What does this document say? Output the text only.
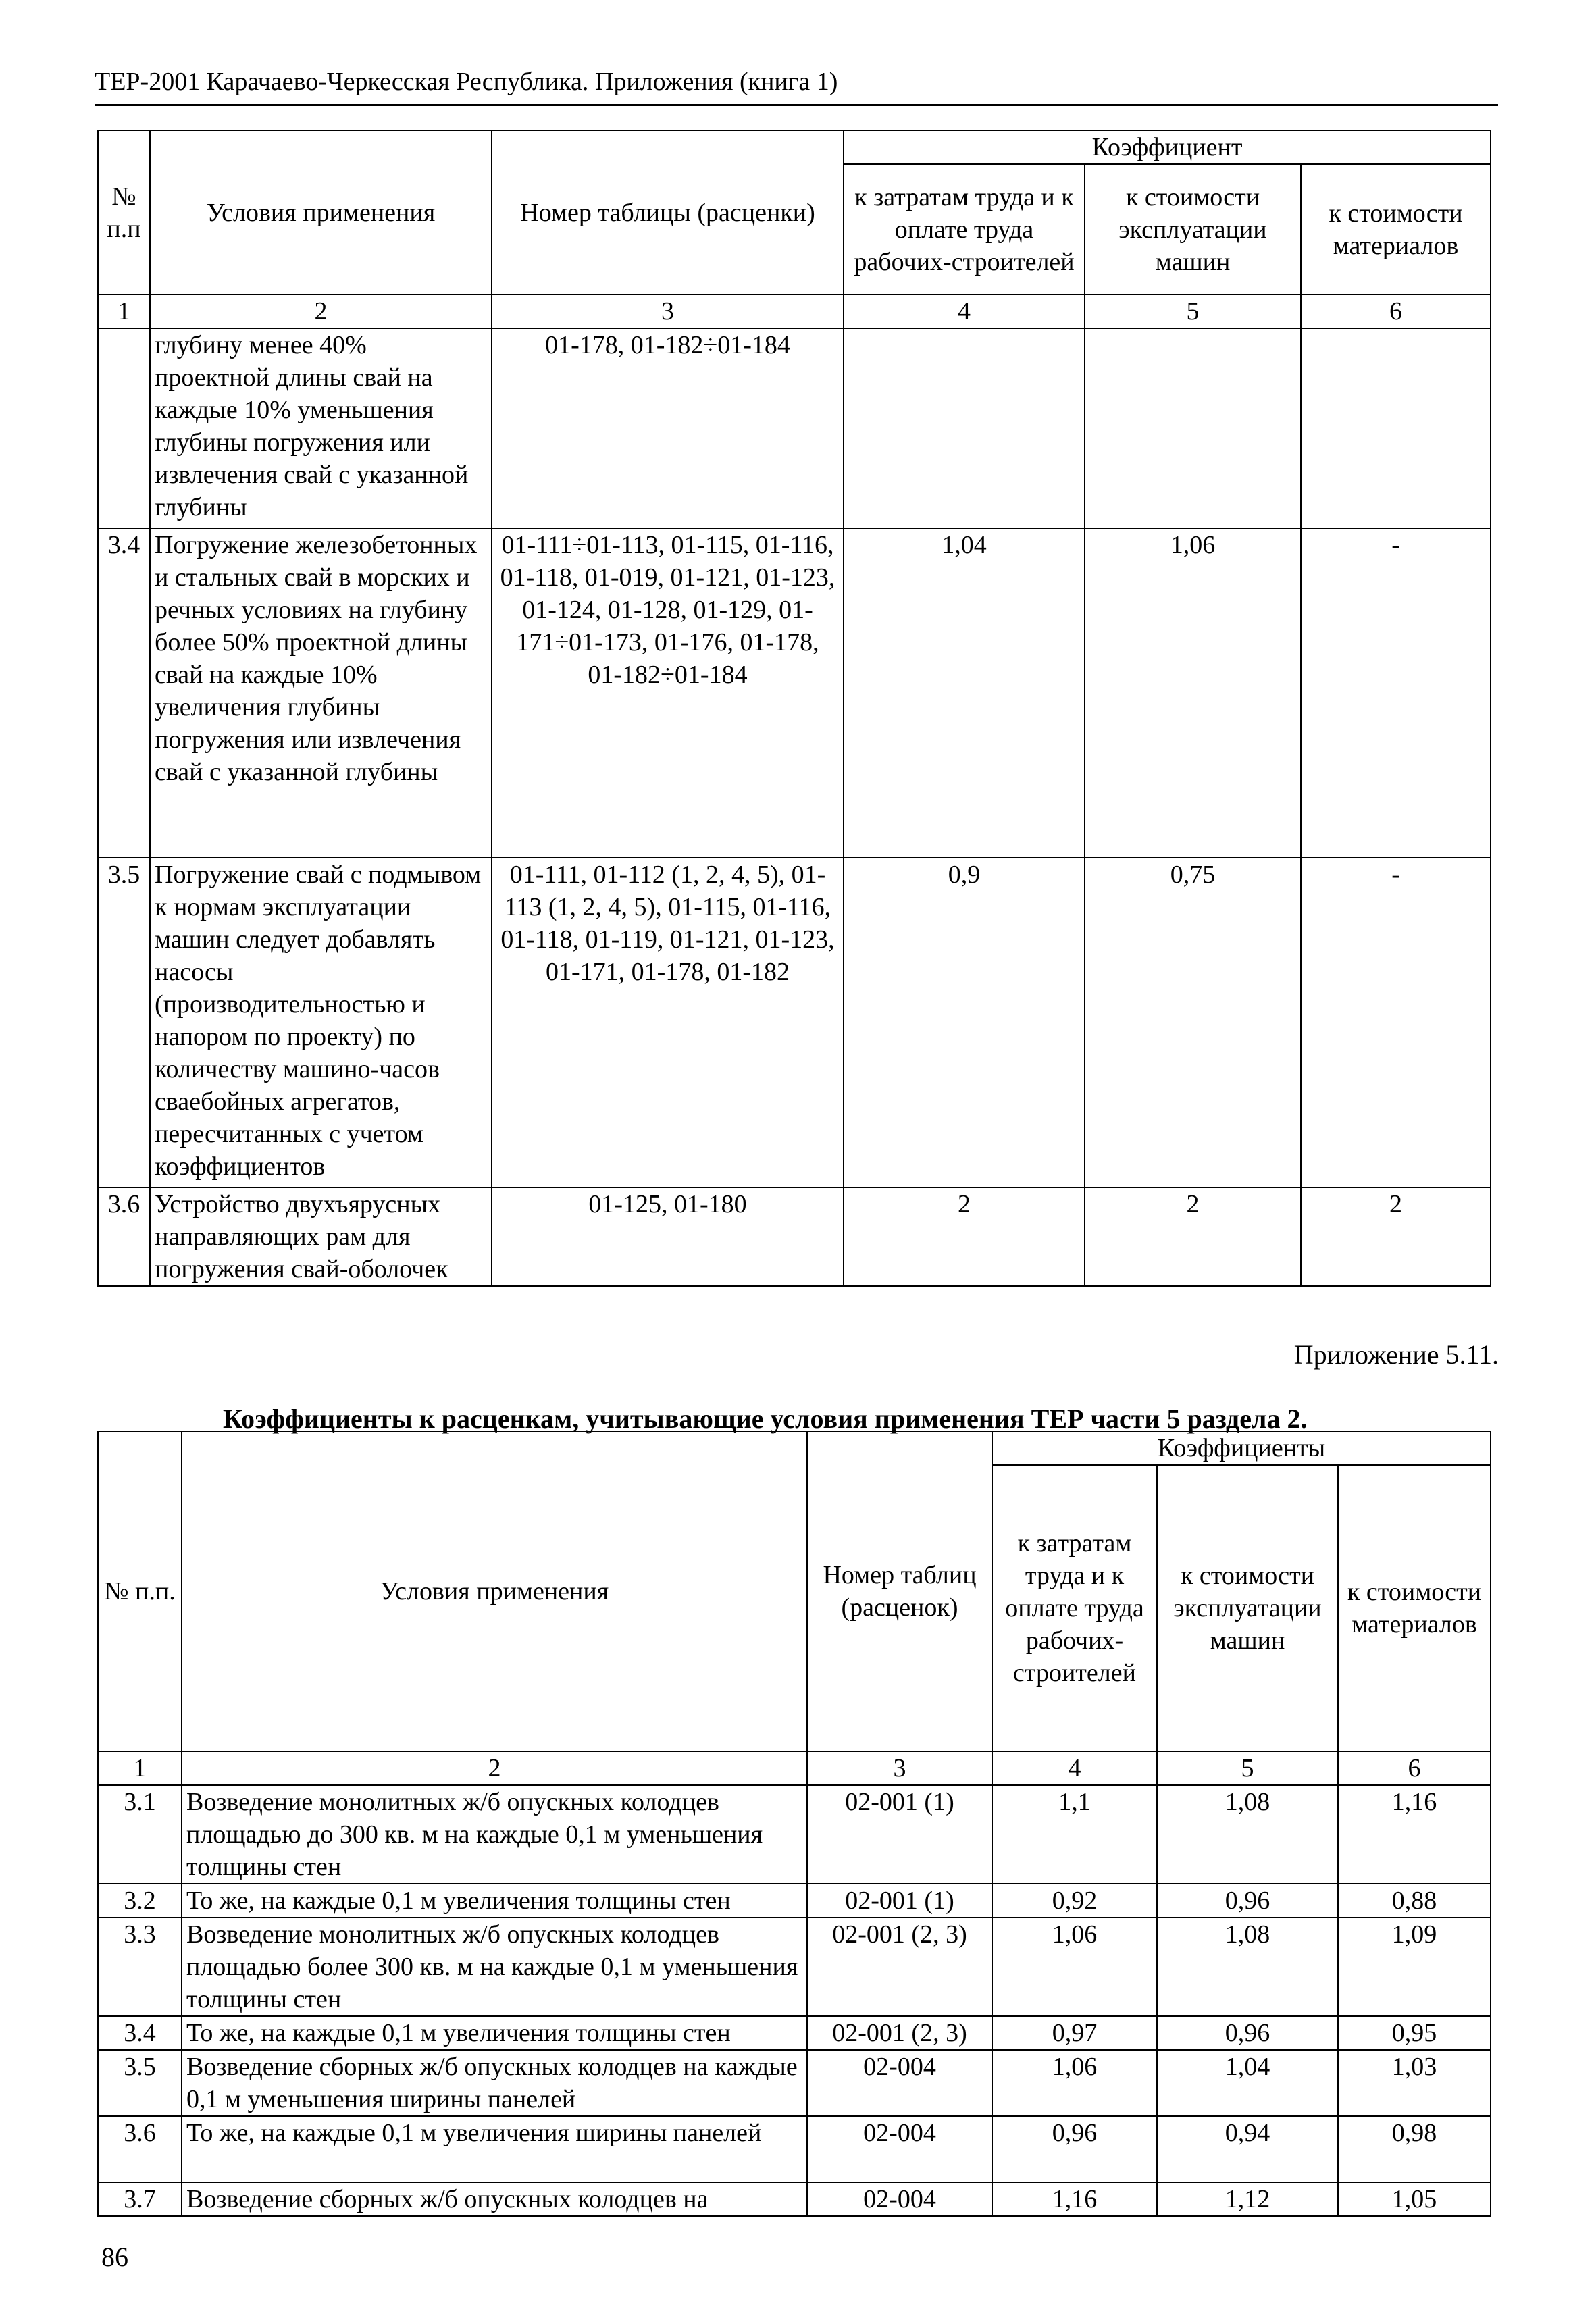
ТЕР-2001 Карачаево-Черкесская Республика. Приложения (книга 1)
№ п.п	Условия применения	Номер таблицы (расценки)	Коэффициент		
			к затратам труда и к оплате труда рабочих-строителей	к стоимости эксплуатации машин	к стоимости материалов
1	2	3	4	5	6
	глубину менее 40% проектной длины свай на каждые 10% уменьшения глубины погружения или извлечения свай с указанной глубины	01-178, 01-182÷01-184			
3.4	Погружение железобетонных и стальных свай в морских и речных условиях на глубину более 50% проектной длины свай на каждые 10% увеличения глубины погружения или извлечения свай с указанной глубины	01-111÷01-113, 01-115, 01-116, 01-118, 01-019, 01-121, 01-123, 01-124, 01-128, 01-129, 01-171÷01-173, 01-176, 01-178, 01-182÷01-184	1,04	1,06	-
3.5	Погружение свай с подмывом к нормам эксплуатации машин следует добавлять насосы (производительностью и напором по проекту) по количеству машино-часов сваебойных агрегатов, пересчитанных с учетом коэффициентов	01-111, 01-112 (1, 2, 4, 5), 01-113 (1, 2, 4, 5), 01-115, 01-116, 01-118, 01-119, 01-121, 01-123, 01-171, 01-178, 01-182	0,9	0,75	-
3.6	Устройство двухъярусных направляющих рам для погружения свай-оболочек	01-125, 01-180	2	2	2
Приложение 5.11.
Коэффициенты к расценкам, учитывающие условия применения ТЕР части 5 раздела 2.
№ п.п.	Условия применения	Номер таблиц (расценок)	Коэффициенты		
			к затратам труда и к оплате труда рабочих-строителей	к стоимости эксплуатации машин	к стоимости материалов
1	2	3	4	5	6
3.1	Возведение монолитных ж/б опускных колодцев площадью до 300 кв. м на каждые 0,1 м уменьшения толщины стен	02-001 (1)	1,1	1,08	1,16
3.2	То же, на каждые 0,1 м увеличения толщины стен	02-001 (1)	0,92	0,96	0,88
3.3	Возведение монолитных ж/б опускных колодцев площадью более 300 кв. м на каждые 0,1 м уменьшения толщины стен	02-001 (2, 3)	1,06	1,08	1,09
3.4	То же, на каждые 0,1 м увеличения толщины стен	02-001 (2, 3)	0,97	0,96	0,95
3.5	Возведение сборных ж/б опускных колодцев на каждые 0,1 м уменьшения ширины панелей	02-004	1,06	1,04	1,03
3.6	То же, на каждые 0,1 м увеличения ширины панелей	02-004	0,96	0,94	0,98
3.7	Возведение сборных ж/б опускных колодцев на	02-004	1,16	1,12	1,05
86
